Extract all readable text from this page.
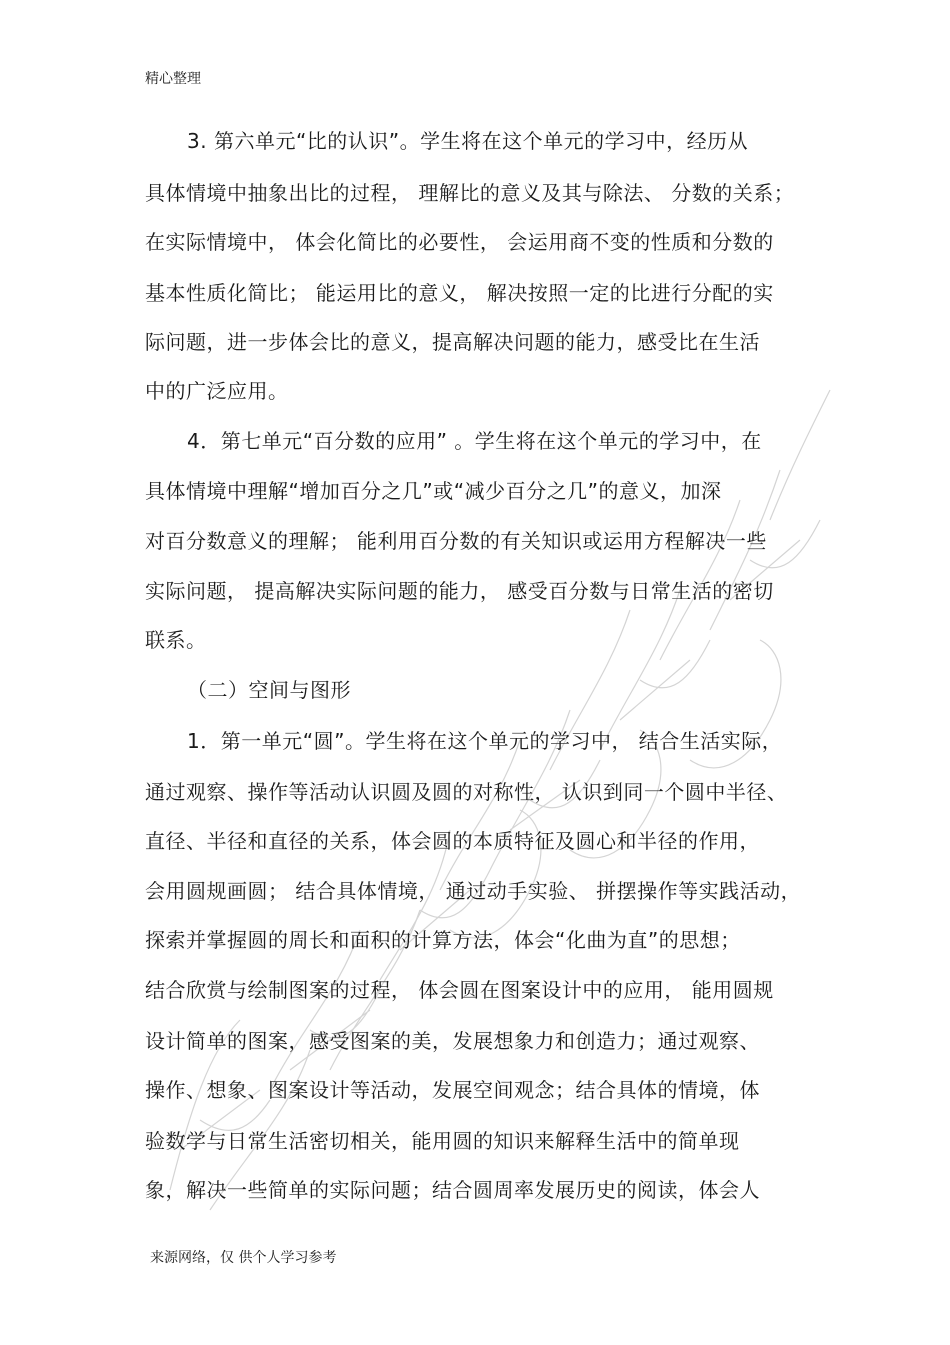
精心整理
3. 第六单元“比的认识”。学生将在这个单元的学习中，经历从
具体情境中抽象出比的过程， 理解比的意义及其与除法、 分数的关系；
在实际情境中， 体会化简比的必要性， 会运用商不变的性质和分数的
基本性质化简比； 能运用比的意义， 解决按照一定的比进行分配的实
际问题，进一步体会比的意义，提高解决问题的能力，感受比在生活
中的广泛应用。
4．第七单元“百分数的应用” 。学生将在这个单元的学习中，在
具体情境中理解“增加百分之几”或“减少百分之几”的意义，加深
对百分数意义的理解； 能利用百分数的有关知识或运用方程解决一些
实际问题， 提高解决实际问题的能力， 感受百分数与日常生活的密切
联系。
（二）空间与图形
1．第一单元“圆”。学生将在这个单元的学习中， 结合生活实际，
通过观察、操作等活动认识圆及圆的对称性， 认识到同一个圆中半径、
直径、半径和直径的关系，体会圆的本质特征及圆心和半径的作用，
会用圆规画圆； 结合具体情境， 通过动手实验、 拼摆操作等实践活动，
探索并掌握圆的周长和面积的计算方法，体会“化曲为直”的思想；
结合欣赏与绘制图案的过程， 体会圆在图案设计中的应用， 能用圆规
设计简单的图案，感受图案的美，发展想象力和创造力；通过观察、
操作、想象、图案设计等活动，发展空间观念；结合具体的情境，体
验数学与日常生活密切相关，能用圆的知识来解释生活中的简单现
象，解决一些简单的实际问题；结合圆周率发展历史的阅读，体会人
来源网络，仅 供个人学习参考
